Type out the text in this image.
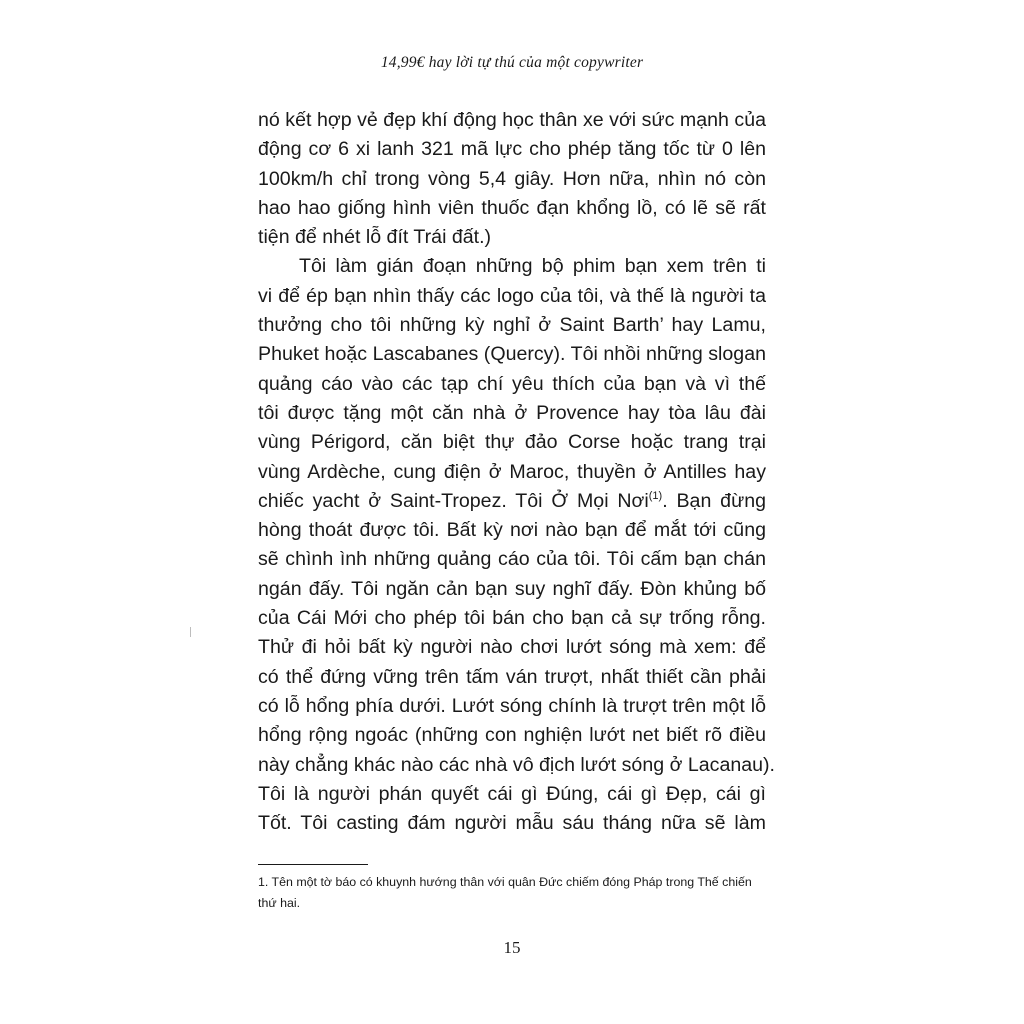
14,99€ hay lời tự thú của một copywriter
nó kết hợp vẻ đẹp khí động học thân xe với sức mạnh của
động cơ 6 xi lanh 321 mã lực cho phép tăng tốc từ 0 lên
100km/h chỉ trong vòng 5,4 giây. Hơn nữa, nhìn nó còn
hao hao giống hình viên thuốc đạn khổng lồ, có lẽ sẽ rất
tiện để nhét lỗ đít Trái đất.)
Tôi làm gián đoạn những bộ phim bạn xem trên ti
vi để ép bạn nhìn thấy các logo của tôi, và thế là người ta
thưởng cho tôi những kỳ nghỉ ở Saint Barth’ hay Lamu,
Phuket hoặc Lascabanes (Quercy). Tôi nhồi những slogan
quảng cáo vào các tạp chí yêu thích của bạn và vì thế
tôi được tặng một căn nhà ở Provence hay tòa lâu đài
vùng Périgord, căn biệt thự đảo Corse hoặc trang trại
vùng Ardèche, cung điện ở Maroc, thuyền ở Antilles hay
chiếc yacht ở Saint-Tropez. Tôi Ở Mọi Nơi$^{(1)}$. Bạn đừng
hòng thoát được tôi. Bất kỳ nơi nào bạn để mắt tới cũng
sẽ chình ình những quảng cáo của tôi. Tôi cấm bạn chán
ngán đấy. Tôi ngăn cản bạn suy nghĩ đấy. Đòn khủng bố
của Cái Mới cho phép tôi bán cho bạn cả sự trống rỗng.
Thử đi hỏi bất kỳ người nào chơi lướt sóng mà xem: để
có thể đứng vững trên tấm ván trượt, nhất thiết cần phải
có lỗ hổng phía dưới. Lướt sóng chính là trượt trên một lỗ
hổng rộng ngoác (những con nghiện lướt net biết rõ điều
này chẳng khác nào các nhà vô địch lướt sóng ở Lacanau).
Tôi là người phán quyết cái gì Đúng, cái gì Đẹp, cái gì
Tốt. Tôi casting đám người mẫu sáu tháng nữa sẽ làm
1. Tên một tờ báo có khuynh hướng thân với quân Đức chiếm đóng Pháp trong Thế chiến thứ hai.
15
